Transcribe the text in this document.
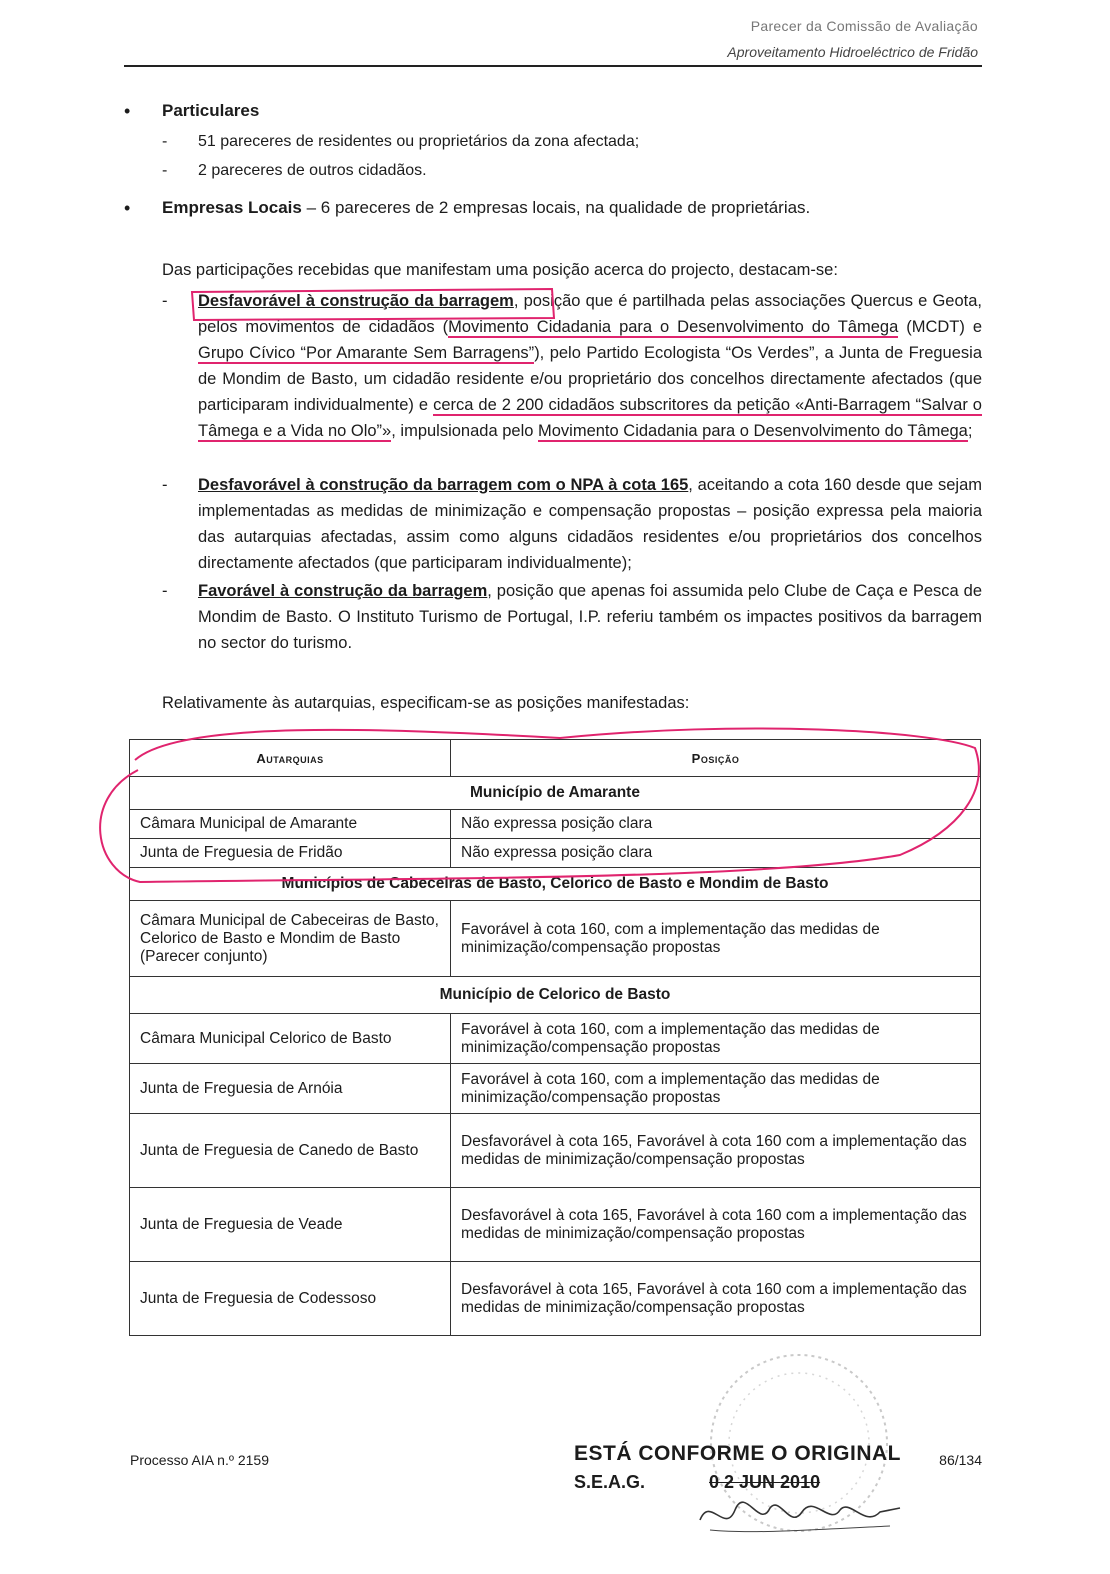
Parecer da Comissão de Avaliação
Aproveitamento Hidroeléctrico de Fridão
• Particulares
- 51 pareceres de residentes ou proprietários da zona afectada;
- 2 pareceres de outros cidadãos.
• Empresas Locais – 6 pareceres de 2 empresas locais, na qualidade de proprietárias.
Das participações recebidas que manifestam uma posição acerca do projecto, destacam-se:
- Desfavorável à construção da barragem, posição que é partilhada pelas associações Quercus e Geota, pelos movimentos de cidadãos (Movimento Cidadania para o Desenvolvimento do Tâmega (MCDT) e Grupo Cívico “Por Amarante Sem Barragens”), pelo Partido Ecologista “Os Verdes”, a Junta de Freguesia de Mondim de Basto, um cidadão residente e/ou proprietário dos concelhos directamente afectados (que participaram individualmente) e cerca de 2 200 cidadãos subscritores da petição «Anti-Barragem “Salvar o Tâmega e a Vida no Olo”», impulsionada pelo Movimento Cidadania para o Desenvolvimento do Tâmega;
- Desfavorável à construção da barragem com o NPA à cota 165, aceitando a cota 160 desde que sejam implementadas as medidas de minimização e compensação propostas – posição expressa pela maioria das autarquias afectadas, assim como alguns cidadãos residentes e/ou proprietários dos concelhos directamente afectados (que participaram individualmente);
- Favorável à construção da barragem, posição que apenas foi assumida pelo Clube de Caça e Pesca de Mondim de Basto. O Instituto Turismo de Portugal, I.P. referiu também os impactes positivos da barragem no sector do turismo.
Relativamente às autarquias, especificam-se as posições manifestadas:
Autarquias	Posição
Município de Amarante	
Câmara Municipal de Amarante	Não expressa posição clara
Junta de Freguesia de Fridão	Não expressa posição clara
Municípios de Cabeceiras de Basto, Celorico de Basto e Mondim de Basto	
Câmara Municipal de Cabeceiras de Basto, Celorico de Basto e Mondim de Basto (Parecer conjunto)	Favorável à cota 160, com a implementação das medidas de minimização/compensação propostas
Município de Celorico de Basto	
Câmara Municipal Celorico de Basto	Favorável à cota 160, com a implementação das medidas de minimização/compensação propostas
Junta de Freguesia de Arnóia	Favorável à cota 160, com a implementação das medidas de minimização/compensação propostas
Junta de Freguesia de Canedo de Basto	Desfavorável à cota 165, Favorável à cota 160 com a implementação das medidas de minimização/compensação propostas
Junta de Freguesia de Veade	Desfavorável à cota 165, Favorável à cota 160 com a implementação das medidas de minimização/compensação propostas
Junta de Freguesia de Codessoso	Desfavorável à cota 165, Favorável à cota 160 com a implementação das medidas de minimização/compensação propostas
Processo AIA n.º 2159	86/134
ESTÁ CONFORME O ORIGINAL
S.E.A.G.	0 2 JUN 2010
